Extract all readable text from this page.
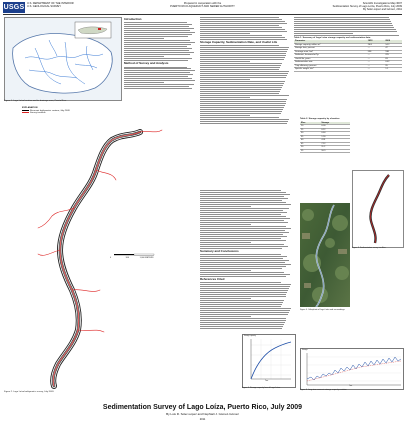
USGS
U.S. DEPARTMENT OF THE INTERIOR
U.S. GEOLOGICAL SURVEY
Prepared in cooperation with the
PUERTO RICO AQUEDUCT AND SEWER AUTHORITY
Scientific Investigations Map 3007
Sedimentation Survey of Lago Loíza, Puerto Rico, July 2009
By Soler-López and Gómez, 2011
Figure 1. Lago Loíza location and its drainage area, Puerto Rico.
Introduction
Method of Survey and Analysis
Storage Capacity, Sedimentation Rate, and Useful Life
Table 1. Summary of Lago Loíza storage capacity and sedimentation data.
Parameter	1953	2009
Storage capacity, million m³	26.8	14.2
Storage loss, percent	—	47
Drainage area, km²	538	538
Sediment, thousand m³/yr	—	225
Useful life, years	—	63
Sedimentation rate	—	0.42
Trap efficiency, percent	—	95
Specific weight, t/m³	—	1.1
EXPLANATION
Reservoir bathymetric contour, July 2009
Survey trackline
0	500	1,000 METERS
Figure 2. Lago Loíza bathymetric survey, July 2009.
Summary and Conclusions
References Cited
Table 2. Storage capacity by elevation.
Elev.	Storage
20	0.00
25	0.12
30	0.64
35	1.90
40	4.01
45	7.12
50	11.2
55	16.9
Figure 3. Sedimentation survey trackline.
Figure 4. Orthophoto of Lago Loíza and surroundings.
Storage capacity
Year
Figure 5. Storage capacity loss of Lago Loíza.
Storage
Year
Figure 6. Long-term reservoir storage capacity variation.
Sedimentation Survey of Lago Loíza, Puerto Rico, July 2009
By Luis R. Soler-López and Nephtalí J. Gómez-Gómez
2011
